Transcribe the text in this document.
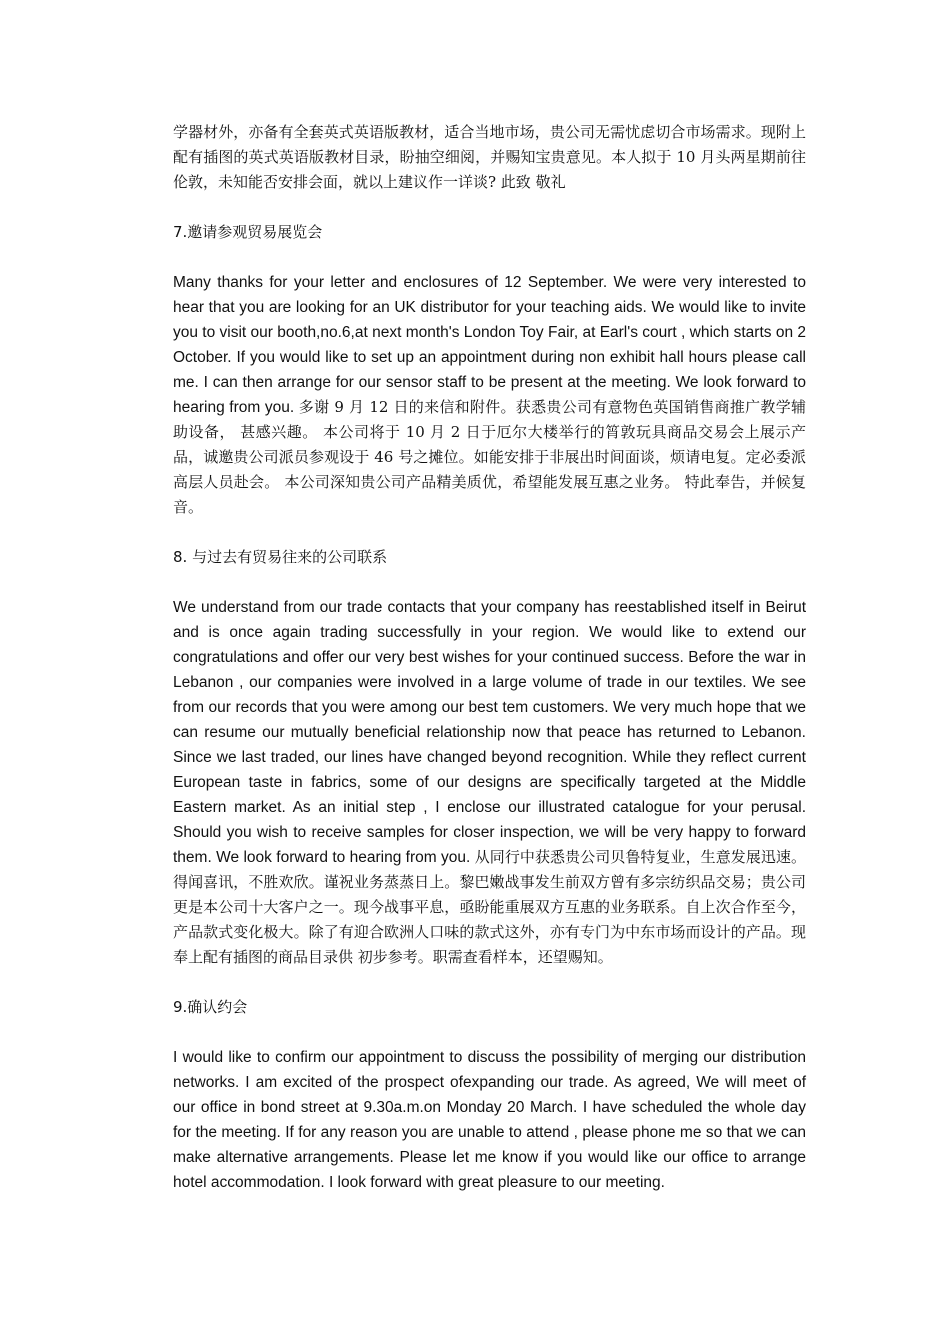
学器材外，亦备有全套英式英语版教材，适合当地市场，贵公司无需忧虑切合市场需求。现附上配有插图的英式英语版教材目录，盼抽空细阅，并赐知宝贵意见。本人拟于 10 月头两星期前往伦敦，未知能否安排会面，就以上建议作一详谈? 此致 敬礼

7.邀请参观贸易展览会

Many thanks for your letter and enclosures of 12 September. We were very interested to hear that you are looking for an UK distributor for your teaching aids. We would like to invite you to visit our booth,no.6,at next month's London Toy Fair, at Earl's court , which starts on 2 October. If you would like to set up an appointment during non exhibit hall hours please call me. I can then arrange for our sensor staff to be present at the meeting. We look forward to hearing from you. 多谢 9 月 12 日的来信和附件。获悉贵公司有意物色英国销售商推广教学辅助设备， 甚感兴趣。 本公司将于 10 月 2 日于厄尔大楼举行的筲敦玩具商品交易会上展示产品，诚邀贵公司派员参观设于 46 号之摊位。如能安排于非展出时间面谈，烦请电复。定必委派高层人员赴会。 本公司深知贵公司产品精美质优，希望能发展互惠之业务。 特此奉告，并候复音。

8. 与过去有贸易往来的公司联系

We understand from our trade contacts that your company has reestablished itself in Beirut and is once again trading successfully in your region. We would like to extend our congratulations and offer our very best wishes for your continued success. Before the war in Lebanon , our companies were involved in a large volume of trade in our textiles. We see from our records that you were among our best tem customers. We very much hope that we can resume our mutually beneficial relationship now that peace has returned to Lebanon. Since we last traded, our lines have changed beyond recognition. While they reflect current European taste in fabrics, some of our designs are specifically targeted at the Middle Eastern market. As an initial step , I enclose our illustrated catalogue for your perusal. Should you wish to receive samples for closer inspection, we will be very happy to forward them. We look forward to hearing from you. 从同行中获悉贵公司贝鲁特复业，生意发展迅速。得闻喜讯，不胜欢欣。谨祝业务蒸蒸日上。黎巴嫩战事发生前双方曾有多宗纺织品交易；贵公司更是本公司十大客户之一。现今战事平息，亟盼能重展双方互惠的业务联系。自上次合作至今，产品款式变化极大。除了有迎合欧洲人口味的款式这外，亦有专门为中东市场而设计的产品。现奉上配有插图的商品目录供 初步参考。职需查看样本，还望赐知。

9.确认约会

I would like to confirm our appointment to discuss the possibility of merging our distribution networks. I am excited of the prospect ofexpanding our trade. As agreed, We will meet of our office in bond street at 9.30a.m.on Monday 20 March. I have scheduled the whole day for the meeting. If for any reason you are unable to attend , please phone me so that we can make alternative arrangements. Please let me know if you would like our office to arrange hotel accommodation. I look forward with great pleasure to our meeting.
